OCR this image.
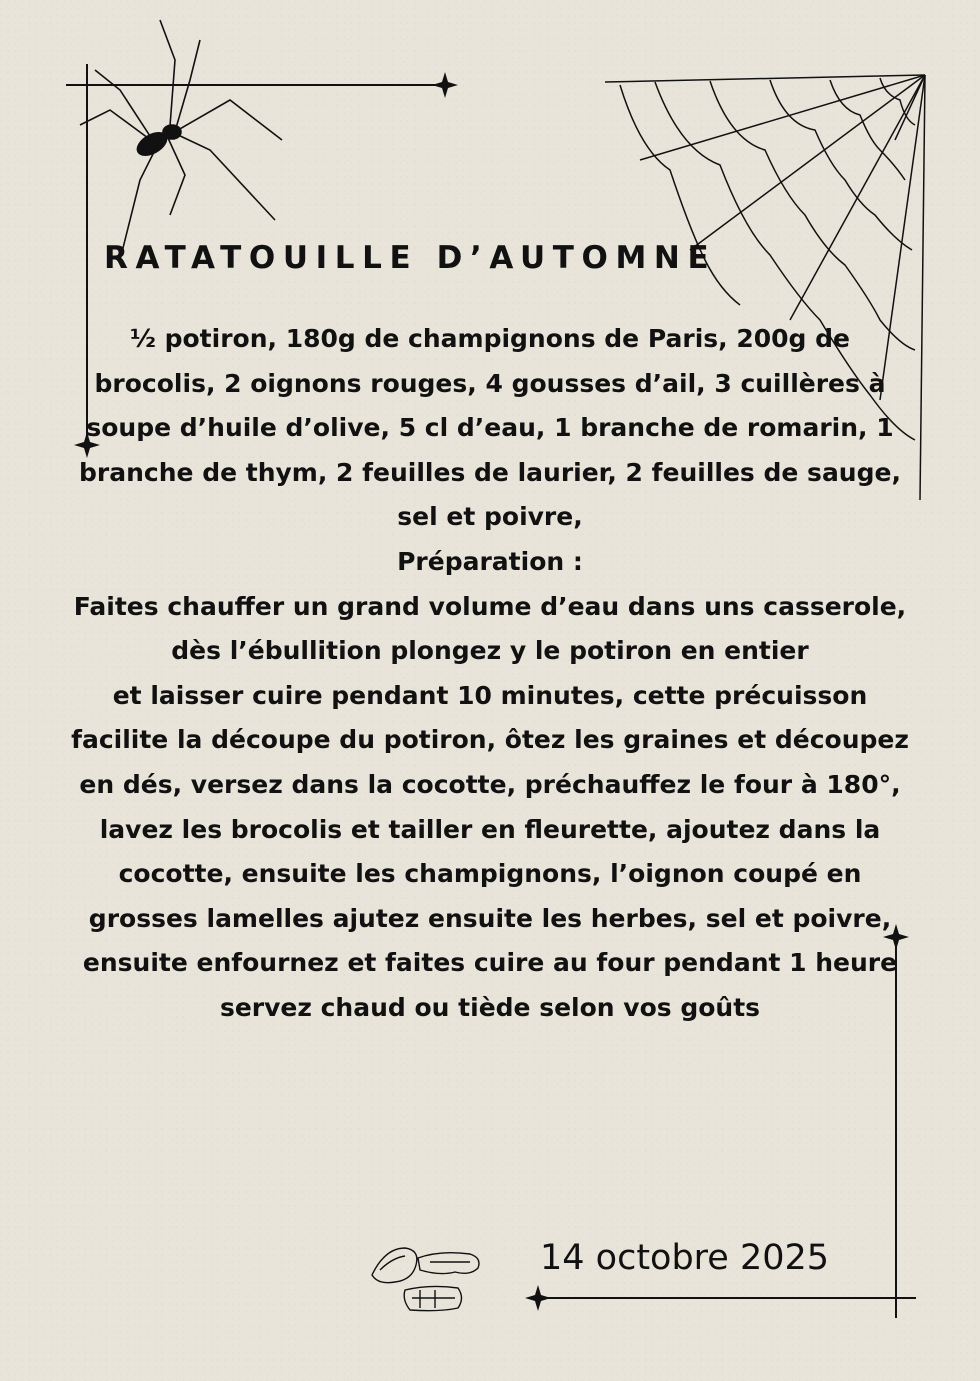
RATATOUILLE D’AUTOMNE

½ potiron, 180g de champignons de Paris, 200g de brocolis, 2 oignons rouges, 4 gousses d’ail, 3 cuillères à soupe d’huile d’olive, 5 cl d’eau, 1 branche de romarin, 1 branche de thym, 2 feuilles de laurier, 2 feuilles de sauge, sel et poivre,

Préparation :

Faites chauffer un grand volume d’eau dans uns casserole, dès l’ébullition plongez y le potiron en entier

et laisser cuire pendant 10 minutes, cette précuisson facilite la découpe du potiron, ôtez les graines et découpez en dés, versez dans la cocotte, préchauffez le four à 180°, lavez les brocolis et tailler en fleurette, ajoutez dans la cocotte, ensuite les champignons, l’oignon coupé en grosses lamelles ajutez ensuite les herbes, sel et poivre, ensuite enfournez et faites cuire au four pendant 1 heure

servez chaud ou tiède selon vos goûts

14 octobre 2025
